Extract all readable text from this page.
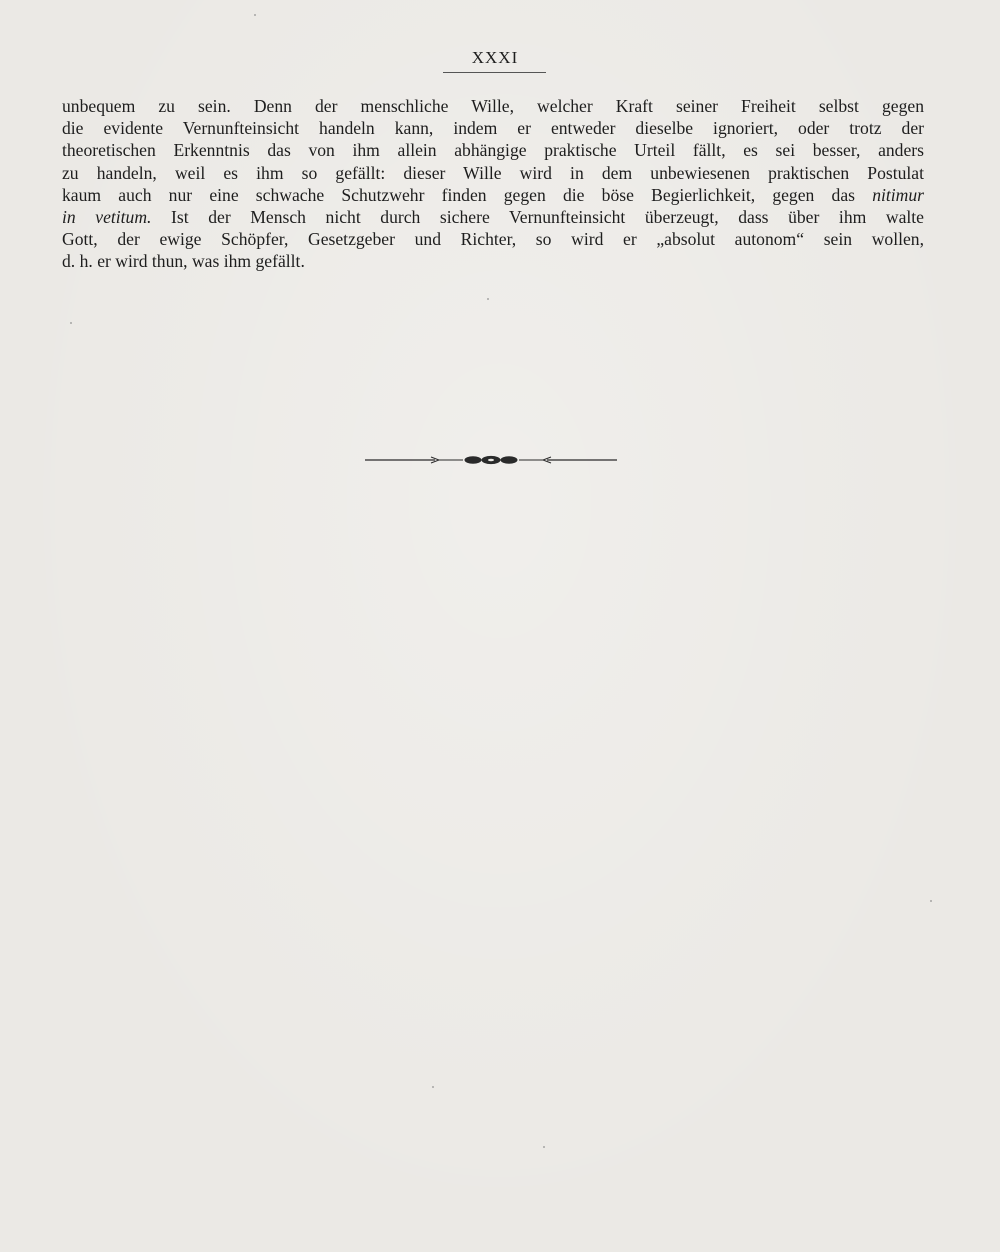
XXXI
unbequem zu sein. Denn der menschliche Wille, welcher Kraft seiner Freiheit selbst gegen
die evidente Vernunfteinsicht handeln kann, indem er entweder dieselbe ignoriert, oder trotz der
theoretischen Erkenntnis das von ihm allein abhängige praktische Urteil fällt, es sei besser, anders
zu handeln, weil es ihm so gefällt: dieser Wille wird in dem unbewiesenen praktischen Postulat
kaum auch nur eine schwache Schutzwehr finden gegen die böse Begierlichkeit, gegen das nitimur
in vetitum. Ist der Mensch nicht durch sichere Vernunfteinsicht überzeugt, dass über ihm walte
Gott, der ewige Schöpfer, Gesetzgeber und Richter, so wird er „absolut autonom“ sein wollen,
d. h. er wird thun, was ihm gefällt.
